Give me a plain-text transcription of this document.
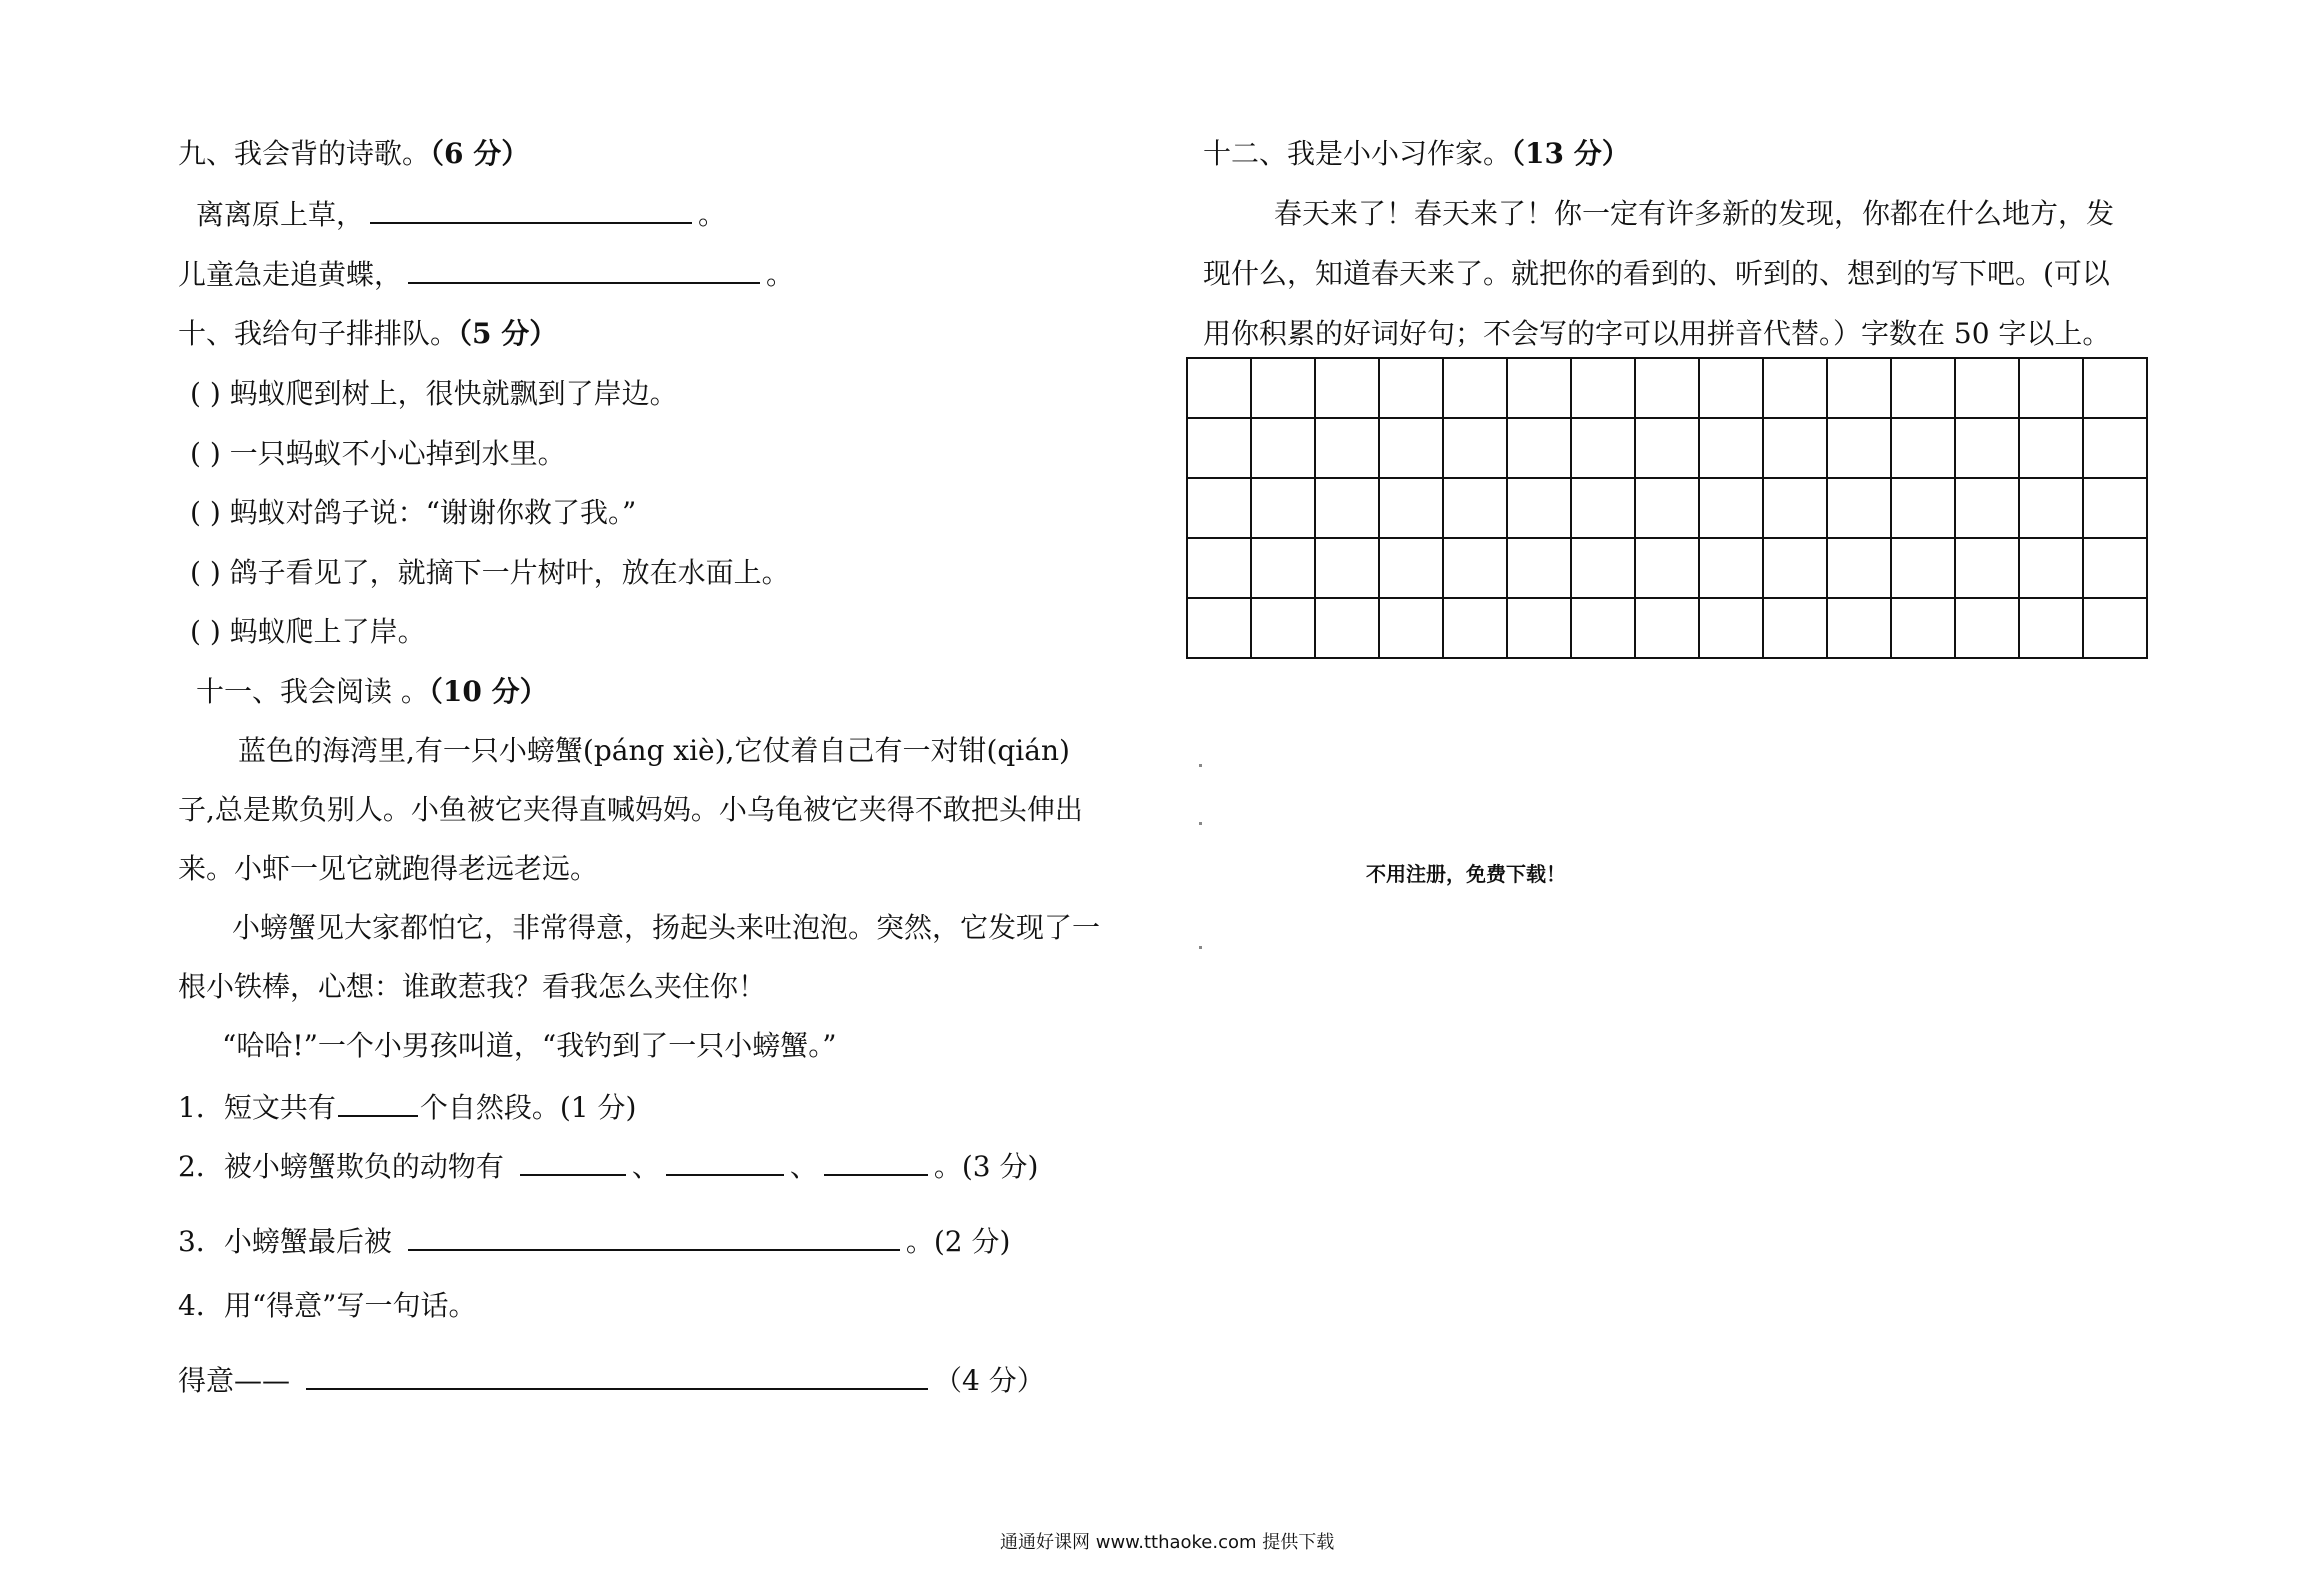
九、我会背的诗歌。（6 分）
离离原上草，	。
儿童急走追黄蝶，	。
十、我给句子排排队。（5 分）
( ) 蚂蚁爬到树上，很快就飘到了岸边。
( ) 一只蚂蚁不小心掉到水里。
( ) 蚂蚁对鸽子说：“谢谢你救了我。”
( ) 鸽子看见了，就摘下一片树叶，放在水面上。
( ) 蚂蚁爬上了岸。
十一、我会阅读 。（10 分）
蓝色的海湾里,有一只小螃蟹(páng xiè),它仗着自己有一对钳(qián)
子,总是欺负别人。小鱼被它夹得直喊妈妈。小乌龟被它夹得不敢把头伸出
来。小虾一见它就跑得老远老远。
小螃蟹见大家都怕它，非常得意，扬起头来吐泡泡。突然，它发现了一
根小铁棒，心想：谁敢惹我？看我怎么夹住你！
“哈哈!”一个小男孩叫道，“我钓到了一只小螃蟹。”
1．短文共有	个自然段。(1 分)
2．被小螃蟹欺负的动物有	、	、	。(3 分)
3．小螃蟹最后被	。(2 分)
4．用“得意”写一句话。
得意——	（4 分）
十二、我是小小习作家。（13 分）
春天来了！春天来了！你一定有许多新的发现，你都在什么地方，发
现什么，知道春天来了。就把你的看到的、听到的、想到的写下吧。(可以
用你积累的好词好句；不会写的字可以用拼音代替。）字数在 50 字以上。

不用注册，免费下载！
通通好课网 www.tthaoke.com 提供下载
